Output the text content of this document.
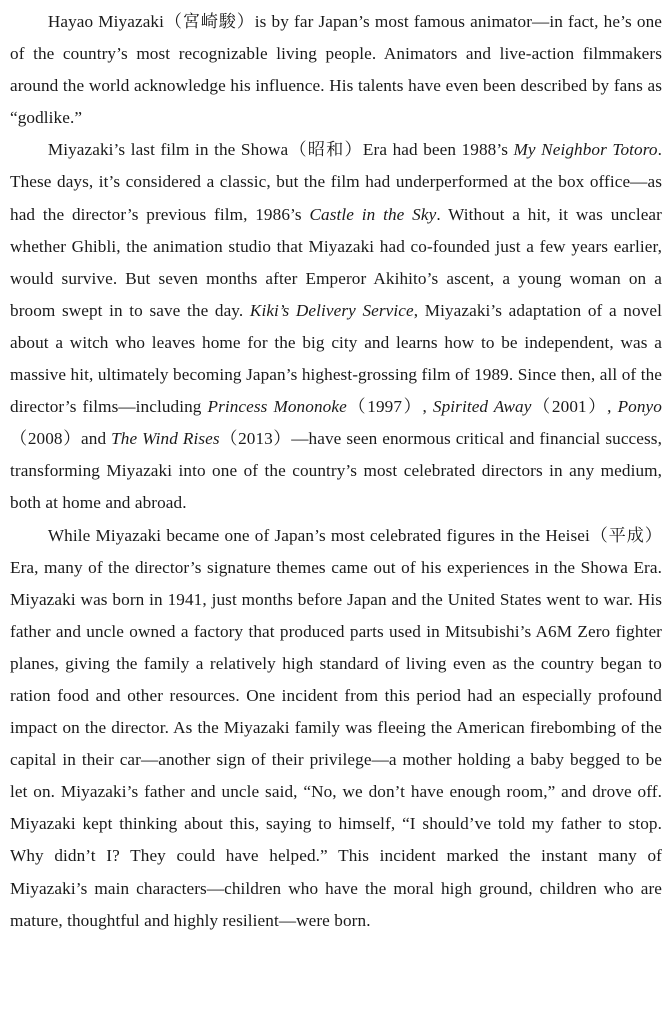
Hayao Miyazaki（宮崎駿）is by far Japan’s most famous animator—in fact, he’s one of the country’s most recognizable living people. Animators and live-action filmmakers around the world acknowledge his influence. His talents have even been described by fans as “godlike.”

Miyazaki’s last film in the Showa（昭和）Era had been 1988’s My Neighbor Totoro. These days, it’s considered a classic, but the film had underperformed at the box office—as had the director’s previous film, 1986’s Castle in the Sky. Without a hit, it was unclear whether Ghibli, the animation studio that Miyazaki had co-founded just a few years earlier, would survive. But seven months after Emperor Akihito’s ascent, a young woman on a broom swept in to save the day. Kiki’s Delivery Service, Miyazaki’s adaptation of a novel about a witch who leaves home for the big city and learns how to be independent, was a massive hit, ultimately becoming Japan’s highest-grossing film of 1989. Since then, all of the director’s films—including Princess Mononoke（1997）, Spirited Away（2001）, Ponyo（2008）and The Wind Rises（2013）—have seen enormous critical and financial success, transforming Miyazaki into one of the country’s most celebrated directors in any medium, both at home and abroad.

While Miyazaki became one of Japan’s most celebrated figures in the Heisei（平成）Era, many of the director’s signature themes came out of his experiences in the Showa Era. Miyazaki was born in 1941, just months before Japan and the United States went to war. His father and uncle owned a factory that produced parts used in Mitsubishi’s A6M Zero fighter planes, giving the family a relatively high standard of living even as the country began to ration food and other resources. One incident from this period had an especially profound impact on the director. As the Miyazaki family was fleeing the American firebombing of the capital in their car—another sign of their privilege—a mother holding a baby begged to be let on. Miyazaki’s father and uncle said, “No, we don’t have enough room,” and drove off. Miyazaki kept thinking about this, saying to himself, “I should’ve told my father to stop. Why didn’t I? They could have helped.” This incident marked the instant many of Miyazaki’s main characters—children who have the moral high ground, children who are mature, thoughtful and highly resilient—were born.
